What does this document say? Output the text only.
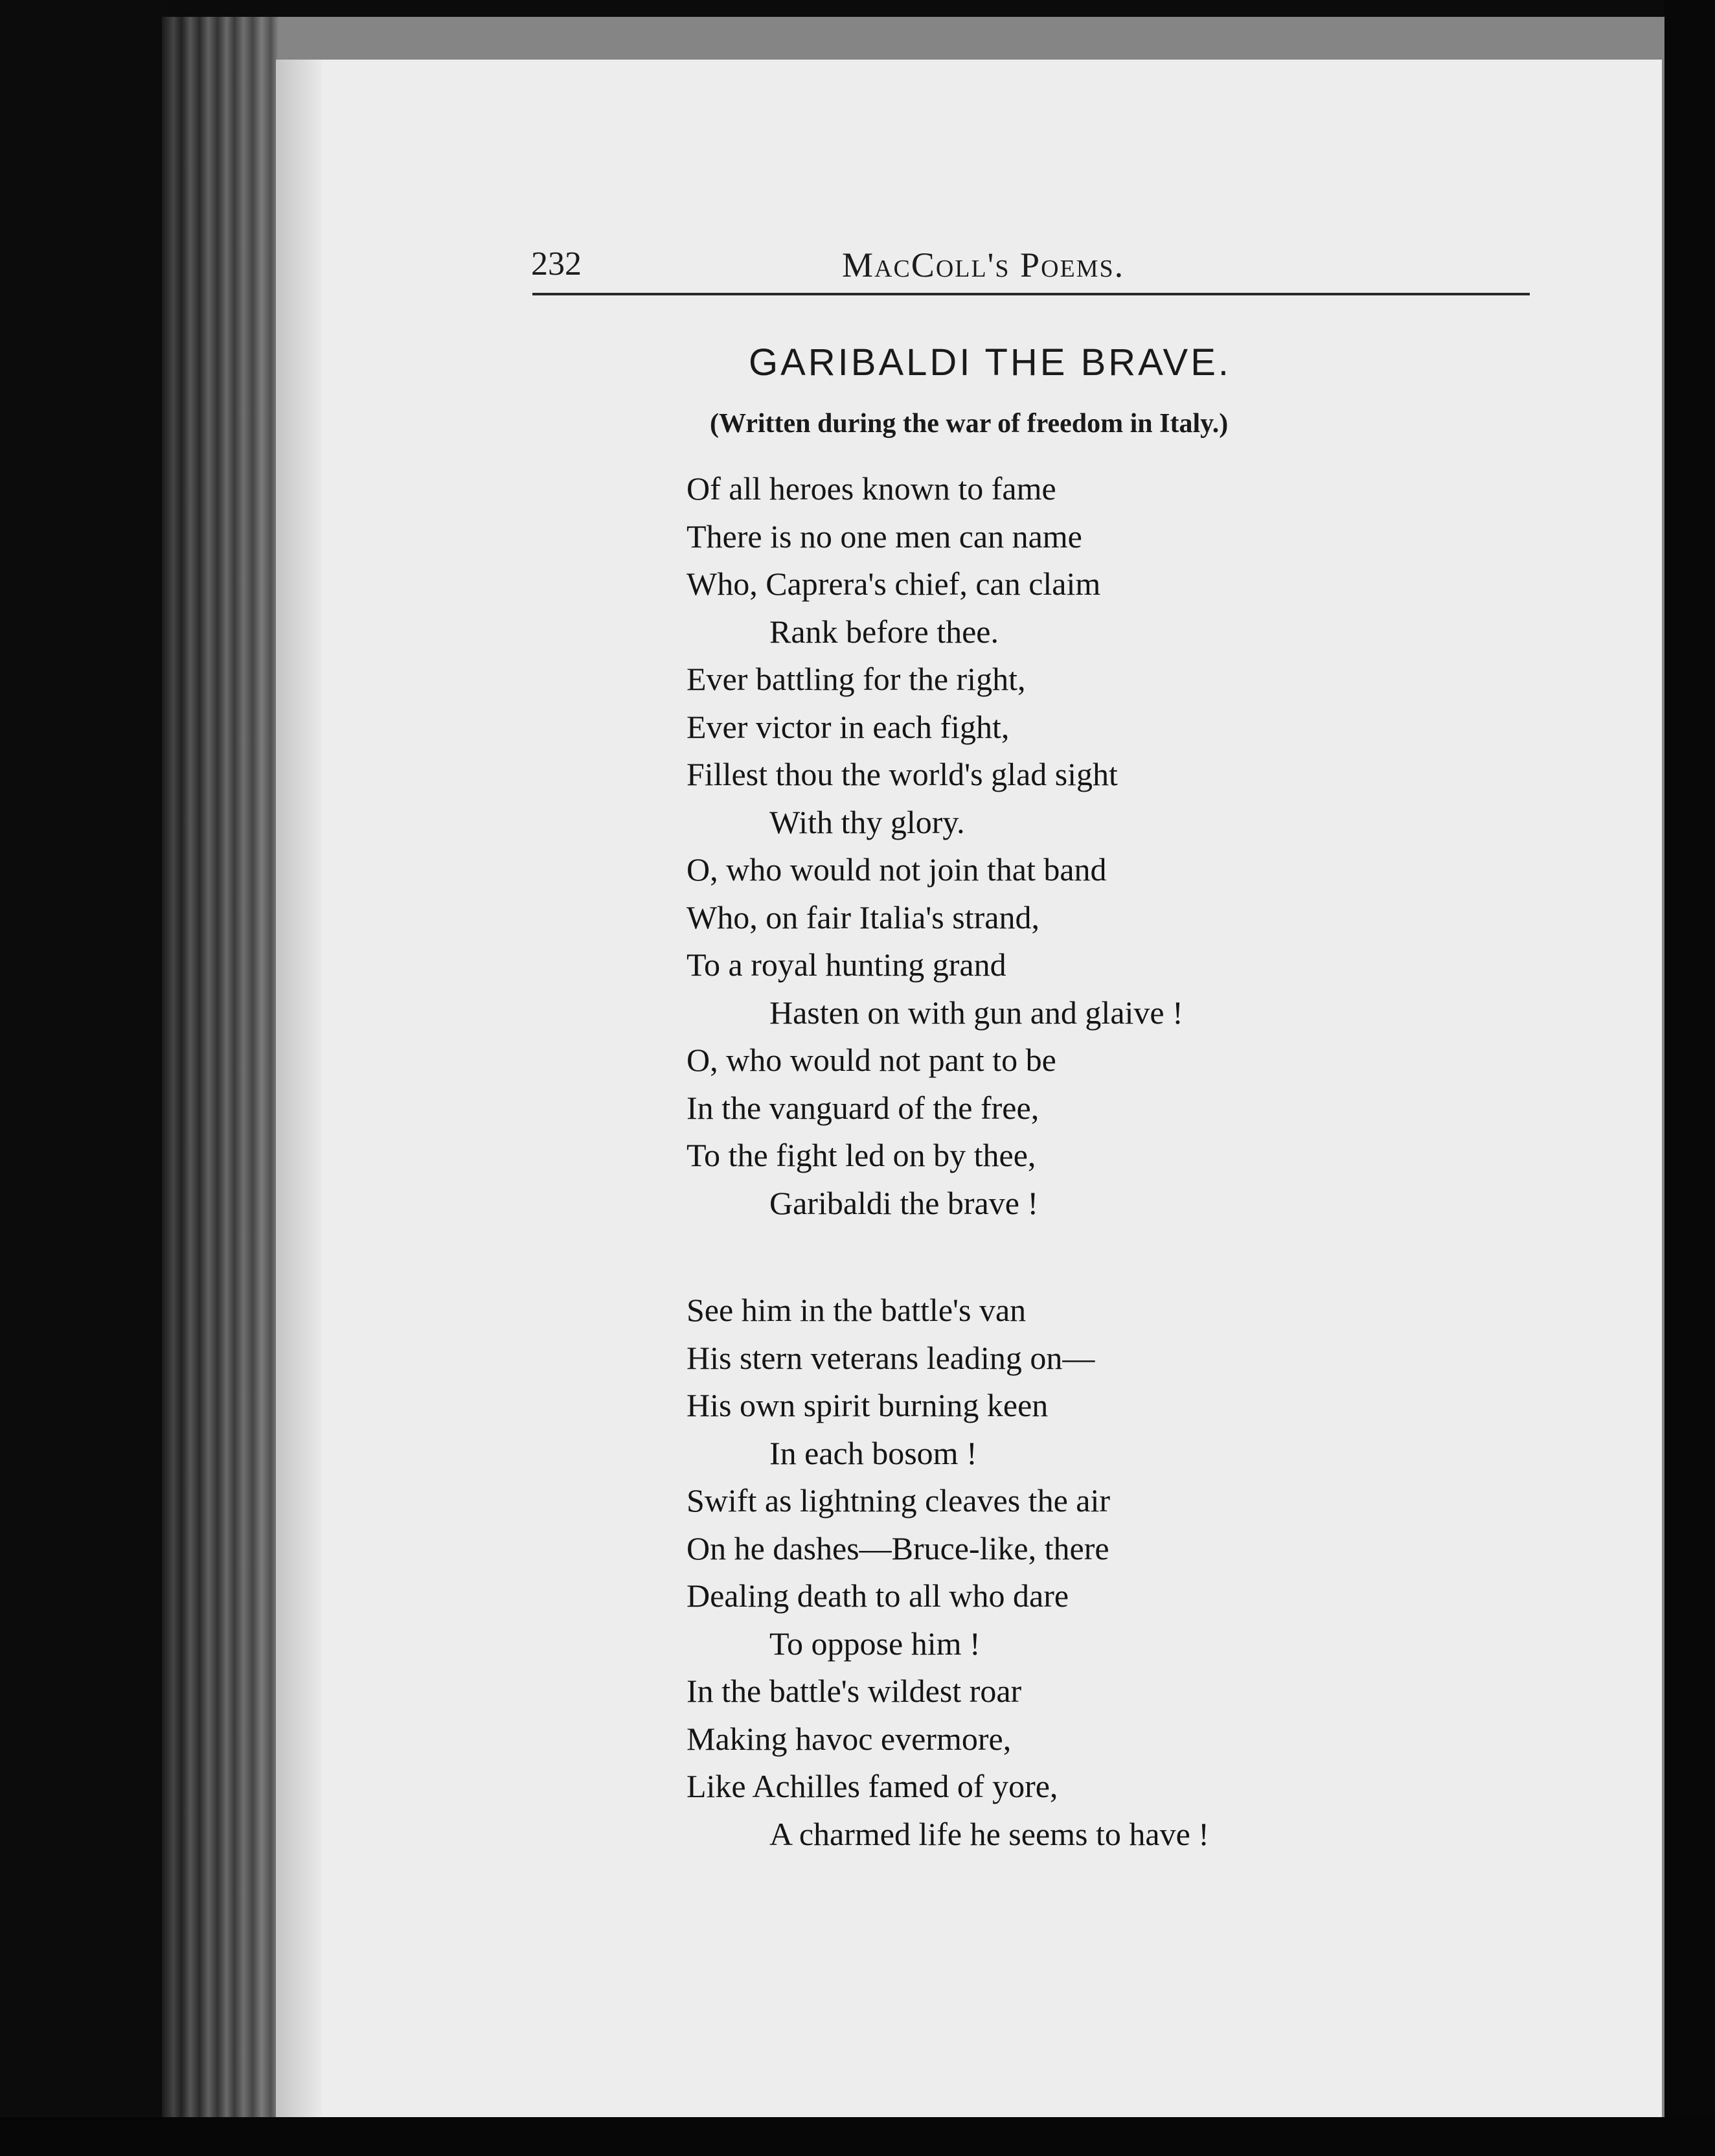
232	MacColl's Poems.
GARIBALDI THE BRAVE.
(Written during the war of freedom in Italy.)
Of all heroes known to fame
There is no one men can name
Who, Caprera's chief, can claim
Rank before thee.
Ever battling for the right,
Ever victor in each fight,
Fillest thou the world's glad sight
With thy glory.
O, who would not join that band
Who, on fair Italia's strand,
To a royal hunting grand
Hasten on with gun and glaive !
O, who would not pant to be
In the vanguard of the free,
To the fight led on by thee,
Garibaldi the brave !
See him in the battle's van
His stern veterans leading on—
His own spirit burning keen
In each bosom !
Swift as lightning cleaves the air
On he dashes—Bruce-like, there
Dealing death to all who dare
To oppose him !
In the battle's wildest roar
Making havoc evermore,
Like Achilles famed of yore,
A charmed life he seems to have !
